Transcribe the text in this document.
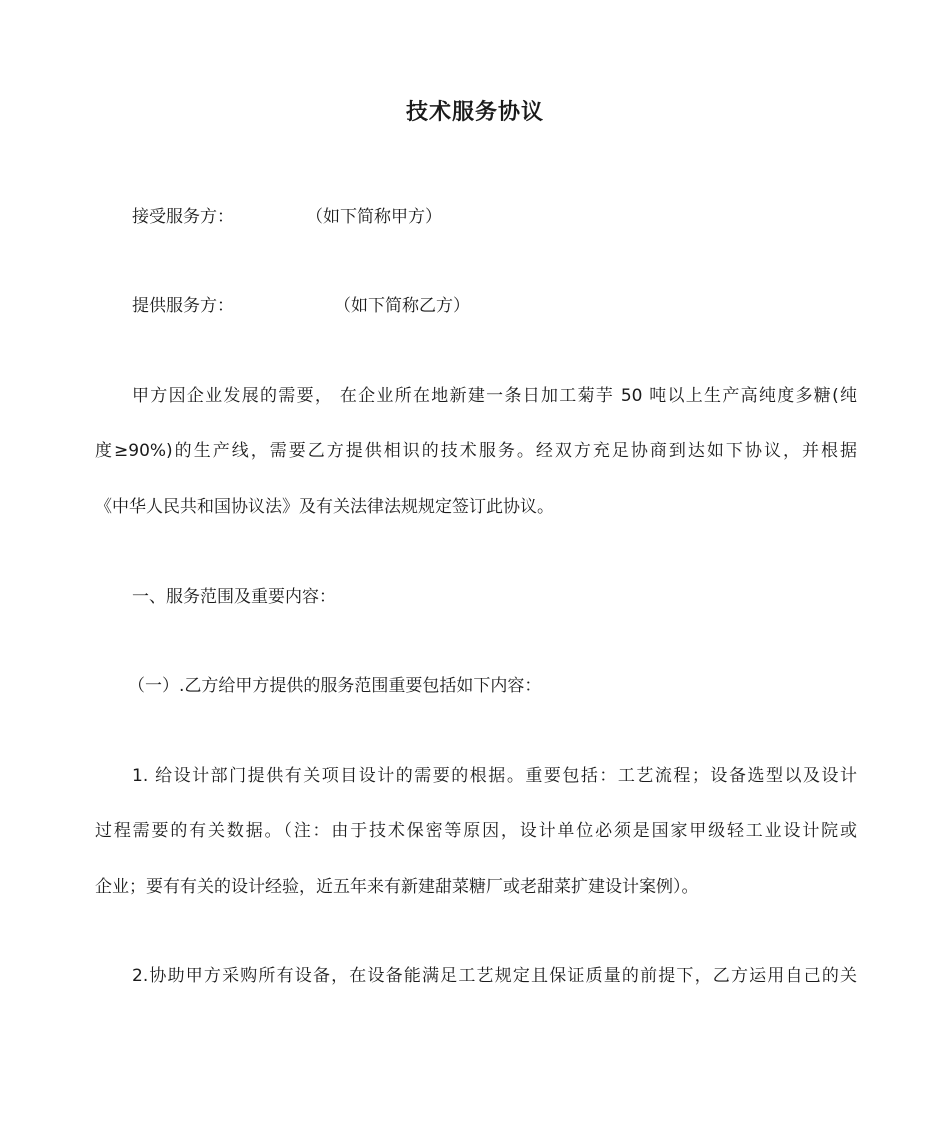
技术服务协议
接受服务方：	（如下简称甲方）
提供服务方：	（如下简称乙方）
甲方因企业发展的需要， 在企业所在地新建一条日加工菊芋 50 吨以上生产高纯度多糖(纯
度≥90%)的生产线，需要乙方提供相识的技术服务。经双方充足协商到达如下协议，并根据
《中华人民共和国协议法》及有关法律法规规定签订此协议。
一、服务范围及重要内容：
（一）.乙方给甲方提供的服务范围重要包括如下内容：
1. 给设计部门提供有关项目设计的需要的根据。重要包括：工艺流程；设备选型以及设计
过程需要的有关数据。（注：由于技术保密等原因，设计单位必须是国家甲级轻工业设计院或
企业；要有有关的设计经验，近五年来有新建甜菜糖厂或老甜菜扩建设计案例）。
2.协助甲方采购所有设备，在设备能满足工艺规定且保证质量的前提下，乙方运用自己的关
